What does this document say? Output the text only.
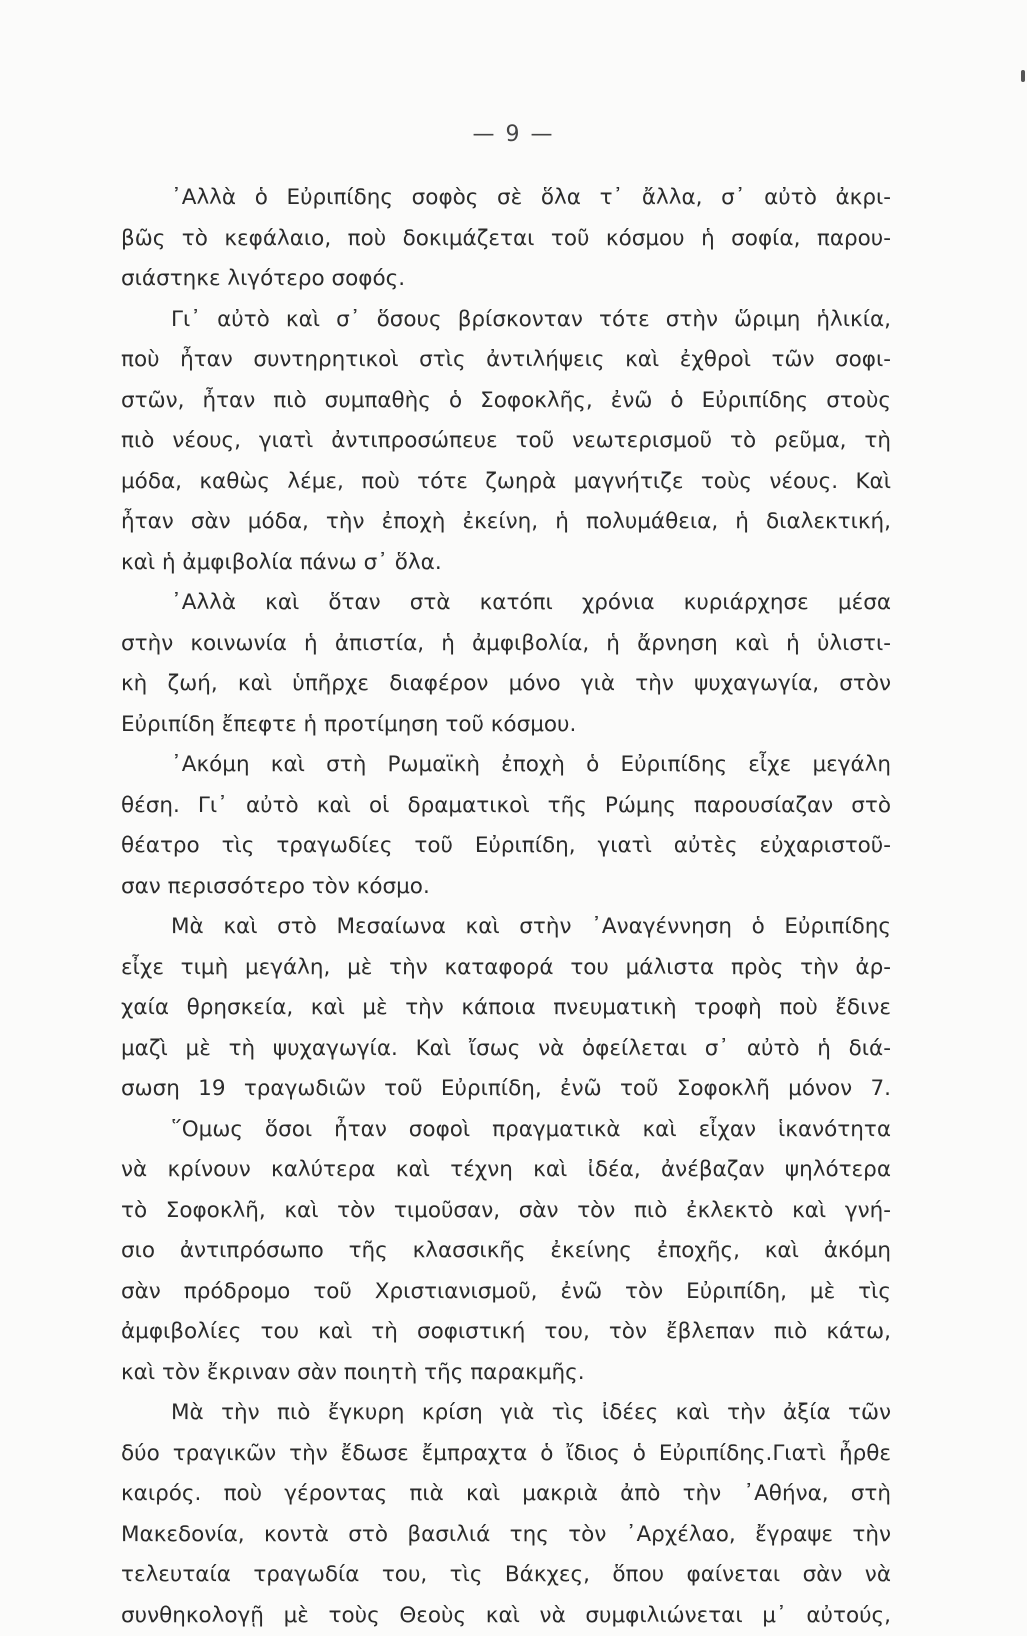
— 9 —
᾿Αλλὰ ὁ Εὐριπίδης σοφὸς σὲ ὅλα τ᾿ ἄλλα, σ᾿ αὐτὸ ἀκρι-
βῶς τὸ κεφάλαιο, ποὺ δοκιμάζεται τοῦ κόσμου ἡ σοφία, παρου-
σιάστηκε λιγότερο σοφός.
Γι᾿ αὐτὸ καὶ σ᾿ ὅσους βρίσκονταν τότε στὴν ὥριμη ἡλικία,
ποὺ ἦταν συντηρητικοὶ στὶς ἀντιλήψεις καὶ ἐχθροὶ τῶν σοφι-
στῶν, ἦταν πιὸ συμπαθὴς ὁ Σοφοκλῆς, ἐνῶ ὁ Εὐριπίδης στοὺς
πιὸ νέους, γιατὶ ἀντιπροσώπευε τοῦ νεωτερισμοῦ τὸ ρεῦμα, τὴ
μόδα, καθὼς λέμε, ποὺ τότε ζωηρὰ μαγνήτιζε τοὺς νέους. Καὶ
ἦταν σὰν μόδα, τὴν ἐποχὴ ἐκείνη, ἡ πολυμάθεια, ἡ διαλεκτική,
καὶ ἡ ἀμφιβολία πάνω σ᾿ ὅλα.
᾿Αλλὰ καὶ ὅταν στὰ κατόπι χρόνια κυριάρχησε μέσα
στὴν κοινωνία ἡ ἀπιστία, ἡ ἀμφιβολία, ἡ ἄρνηση καὶ ἡ ὑλιστι-
κὴ ζωή, καὶ ὑπῆρχε διαφέρον μόνο γιὰ τὴν ψυχαγωγία, στὸν
Εὐριπίδη ἔπεφτε ἡ προτίμηση τοῦ κόσμου.
᾿Ακόμη καὶ στὴ Ρωμαϊκὴ ἐποχὴ ὁ Εὐριπίδης εἶχε μεγάλη
θέση. Γι᾿ αὐτὸ καὶ οἱ δραματικοὶ τῆς Ρώμης παρουσίαζαν στὸ
θέατρο τὶς τραγωδίες τοῦ Εὐριπίδη, γιατὶ αὐτὲς εὐχαριστοῦ-
σαν περισσότερο τὸν κόσμο.
Μὰ καὶ στὸ Μεσαίωνα καὶ στὴν ᾿Αναγέννηση ὁ Εὐριπίδης
εἶχε τιμὴ μεγάλη, μὲ τὴν καταφορά του μάλιστα πρὸς τὴν ἀρ-
χαία θρησκεία, καὶ μὲ τὴν κάποια πνευματικὴ τροφὴ ποὺ ἔδινε
μαζὶ μὲ τὴ ψυχαγωγία. Καὶ ἴσως νὰ ὀφείλεται σ᾿ αὐτὸ ἡ διά-
σωση 19 τραγωδιῶν τοῦ Εὐριπίδη, ἐνῶ τοῦ Σοφοκλῆ μόνον 7.
῞Ομως ὅσοι ἦταν σοφοὶ πραγματικὰ καὶ εἶχαν ἱκανότητα
νὰ κρίνουν καλύτερα καὶ τέχνη καὶ ἰδέα, ἀνέβαζαν ψηλότερα
τὸ Σοφοκλῆ, καὶ τὸν τιμοῦσαν, σὰν τὸν πιὸ ἐκλεκτὸ καὶ γνή-
σιο ἀντιπρόσωπο τῆς κλασσικῆς ἐκείνης ἐποχῆς, καὶ ἀκόμη
σὰν πρόδρομο τοῦ Χριστιανισμοῦ, ἐνῶ τὸν Εὐριπίδη, μὲ τὶς
ἀμφιβολίες του καὶ τὴ σοφιστική του, τὸν ἔβλεπαν πιὸ κάτω,
καὶ τὸν ἔκριναν σὰν ποιητὴ τῆς παρακμῆς.
Μὰ τὴν πιὸ ἔγκυρη κρίση γιὰ τὶς ἰδέες καὶ τὴν ἀξία τῶν
δύο τραγικῶν τὴν ἔδωσε ἔμπραχτα ὁ ἴδιος ὁ Εὐριπίδης.Γιατὶ ἦρθε
καιρός. ποὺ γέροντας πιὰ καὶ μακριὰ ἀπὸ τὴν ᾿Αθήνα, στὴ
Μακεδονία, κοντὰ στὸ βασιλιά της τὸν ᾿Αρχέλαο, ἔγραψε τὴν
τελευταία τραγωδία του, τὶς Βάκχες, ὅπου φαίνεται σὰν νὰ
συνθηκολογῇ μὲ τοὺς Θεοὺς καὶ νὰ συμφιλιώνεται μ᾿ αὐτούς,
